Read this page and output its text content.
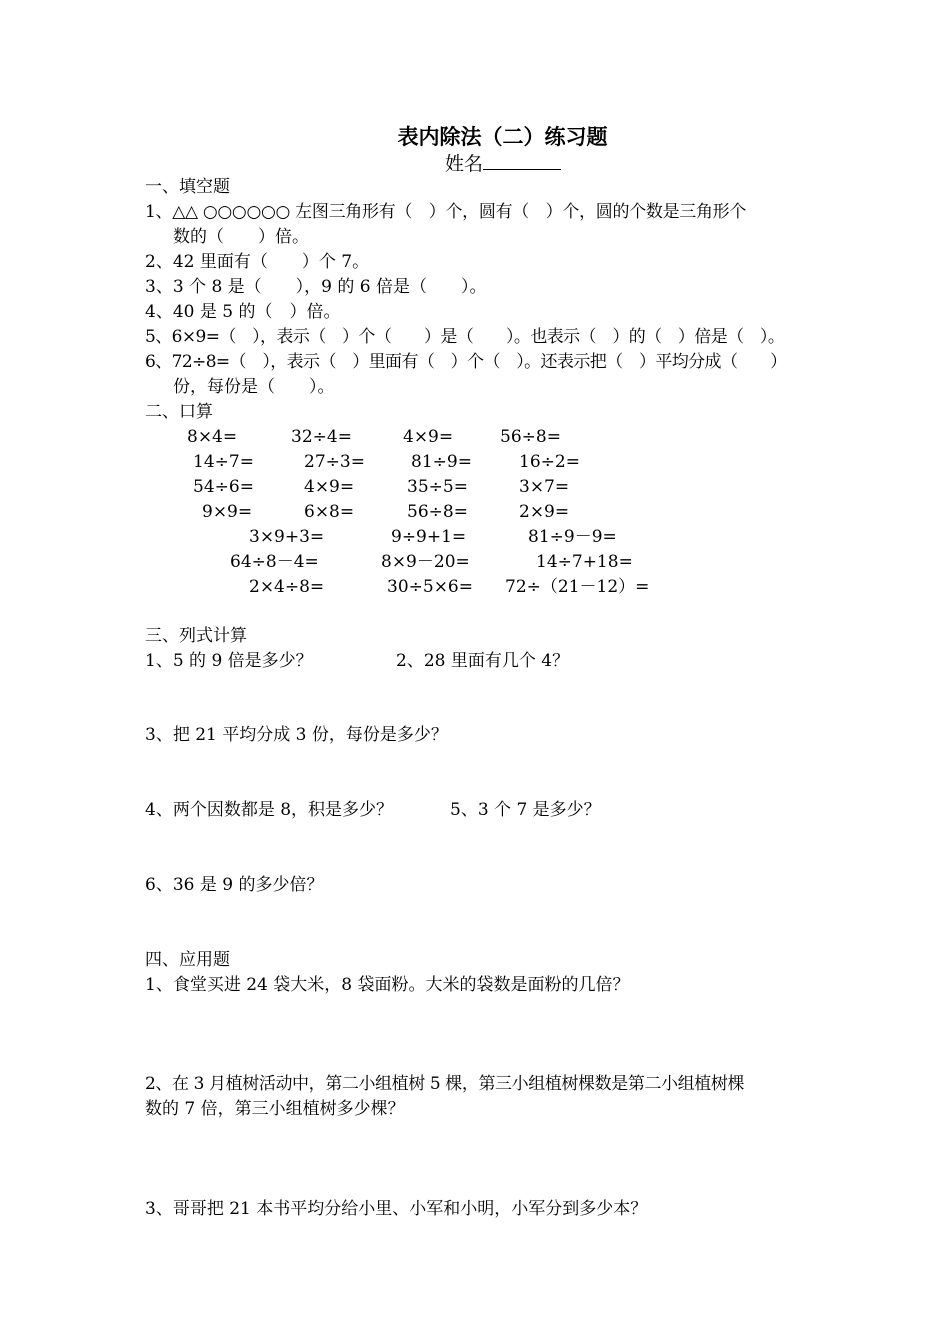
表内除法（二）练习题
姓名
一、填空题
1、△△ ○○○○○○ 左图三角形有（　）个，圆有（　）个，圆的个数是三角形个
数的（　　）倍。
2、42 里面有（　　）个 7。
3、3 个 8 是（　　），9 的 6 倍是（　　）。
4、40 是 5 的（　）倍。
5、6×9=（　），表示（　）个（　　）是（　　）。也表示（　）的（　）倍是（　）。
6、72÷8=（　），表示（　）里面有（　）个（　）。还表示把（　）平均分成（　　）
份，每份是（　　）。
二、口算
8×4=	32÷4=	4×9=	56÷8=
14÷7=	27÷3=	81÷9=	16÷2=
54÷6=	4×9=	35÷5=	3×7=
9×9=	6×8=	56÷8=	2×9=
3×9+3=	9÷9+1=	81÷9－9=
64÷8－4=	8×9－20=	14÷7+18=
2×4÷8=	30÷5×6= 72÷（21－12）=
三、列式计算
1、5 的 9 倍是多少？	2、28 里面有几个 4？
3、把 21 平均分成 3 份，每份是多少？
4、两个因数都是 8，积是多少？	5、3 个 7 是多少？
6、36 是 9 的多少倍？
四、应用题
1、食堂买进 24 袋大米，8 袋面粉。大米的袋数是面粉的几倍？
2、在 3 月植树活动中，第二小组植树 5 棵，第三小组植树棵数是第二小组植树棵
数的 7 倍，第三小组植树多少棵？
3、哥哥把 21 本书平均分给小里、小军和小明，小军分到多少本？
